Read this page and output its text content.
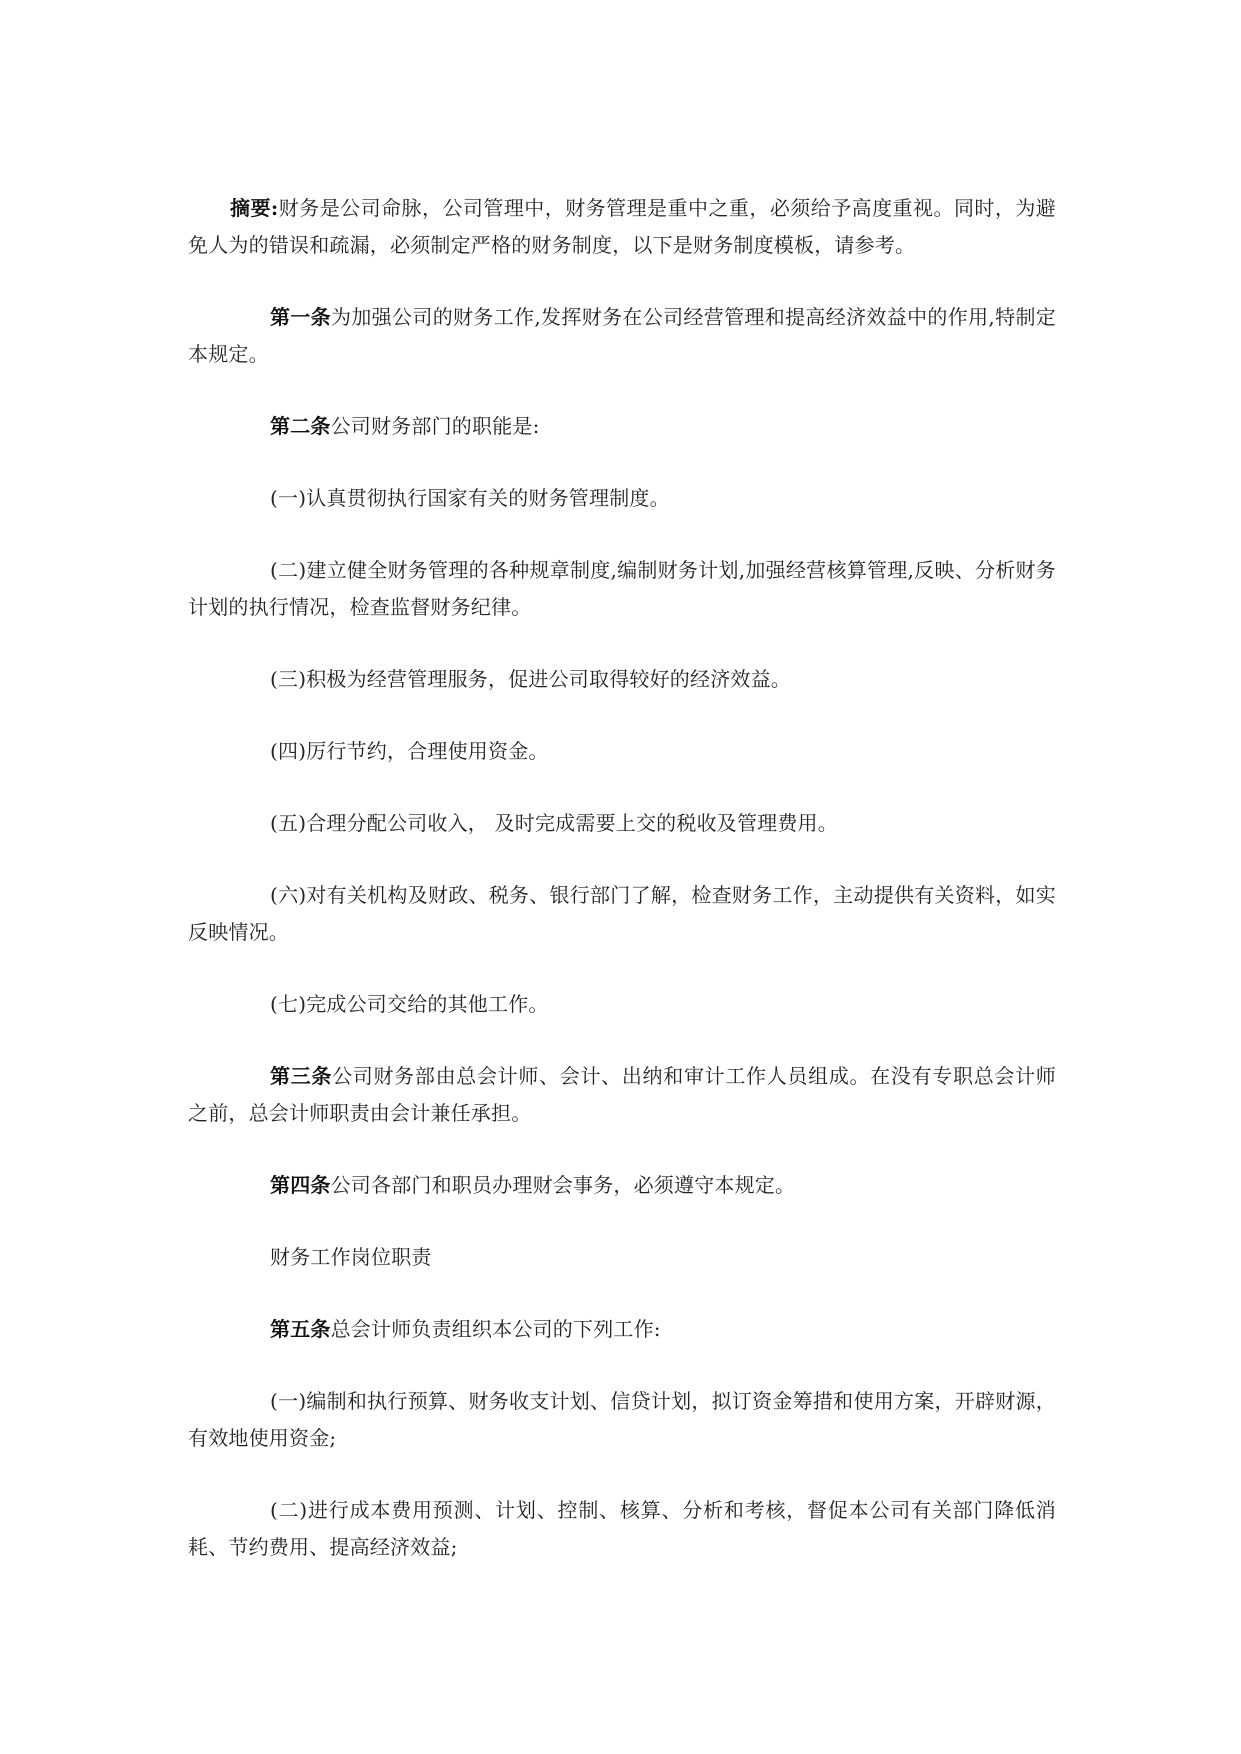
摘要:财务是公司命脉，公司管理中，财务管理是重中之重，必须给予高度重视。同时，为避免人为的错误和疏漏，必须制定严格的财务制度，以下是财务制度模板，请参考。

第一条为加强公司的财务工作,发挥财务在公司经营管理和提高经济效益中的作用,特制定本规定。

第二条公司财务部门的职能是:

(一)认真贯彻执行国家有关的财务管理制度。

(二)建立健全财务管理的各种规章制度,编制财务计划,加强经营核算管理,反映、分析财务计划的执行情况，检查监督财务纪律。

(三)积极为经营管理服务，促进公司取得较好的经济效益。

(四)厉行节约，合理使用资金。

(五)合理分配公司收入， 及时完成需要上交的税收及管理费用。

(六)对有关机构及财政、税务、银行部门了解，检查财务工作，主动提供有关资料，如实反映情况。

(七)完成公司交给的其他工作。

第三条公司财务部由总会计师、会计、出纳和审计工作人员组成。在没有专职总会计师之前，总会计师职责由会计兼任承担。

第四条公司各部门和职员办理财会事务，必须遵守本规定。

财务工作岗位职责

第五条总会计师负责组织本公司的下列工作:

(一)编制和执行预算、财务收支计划、信贷计划，拟订资金筹措和使用方案，开辟财源，有效地使用资金;

(二)进行成本费用预测、计划、控制、核算、分析和考核，督促本公司有关部门降低消耗、节约费用、提高经济效益;
